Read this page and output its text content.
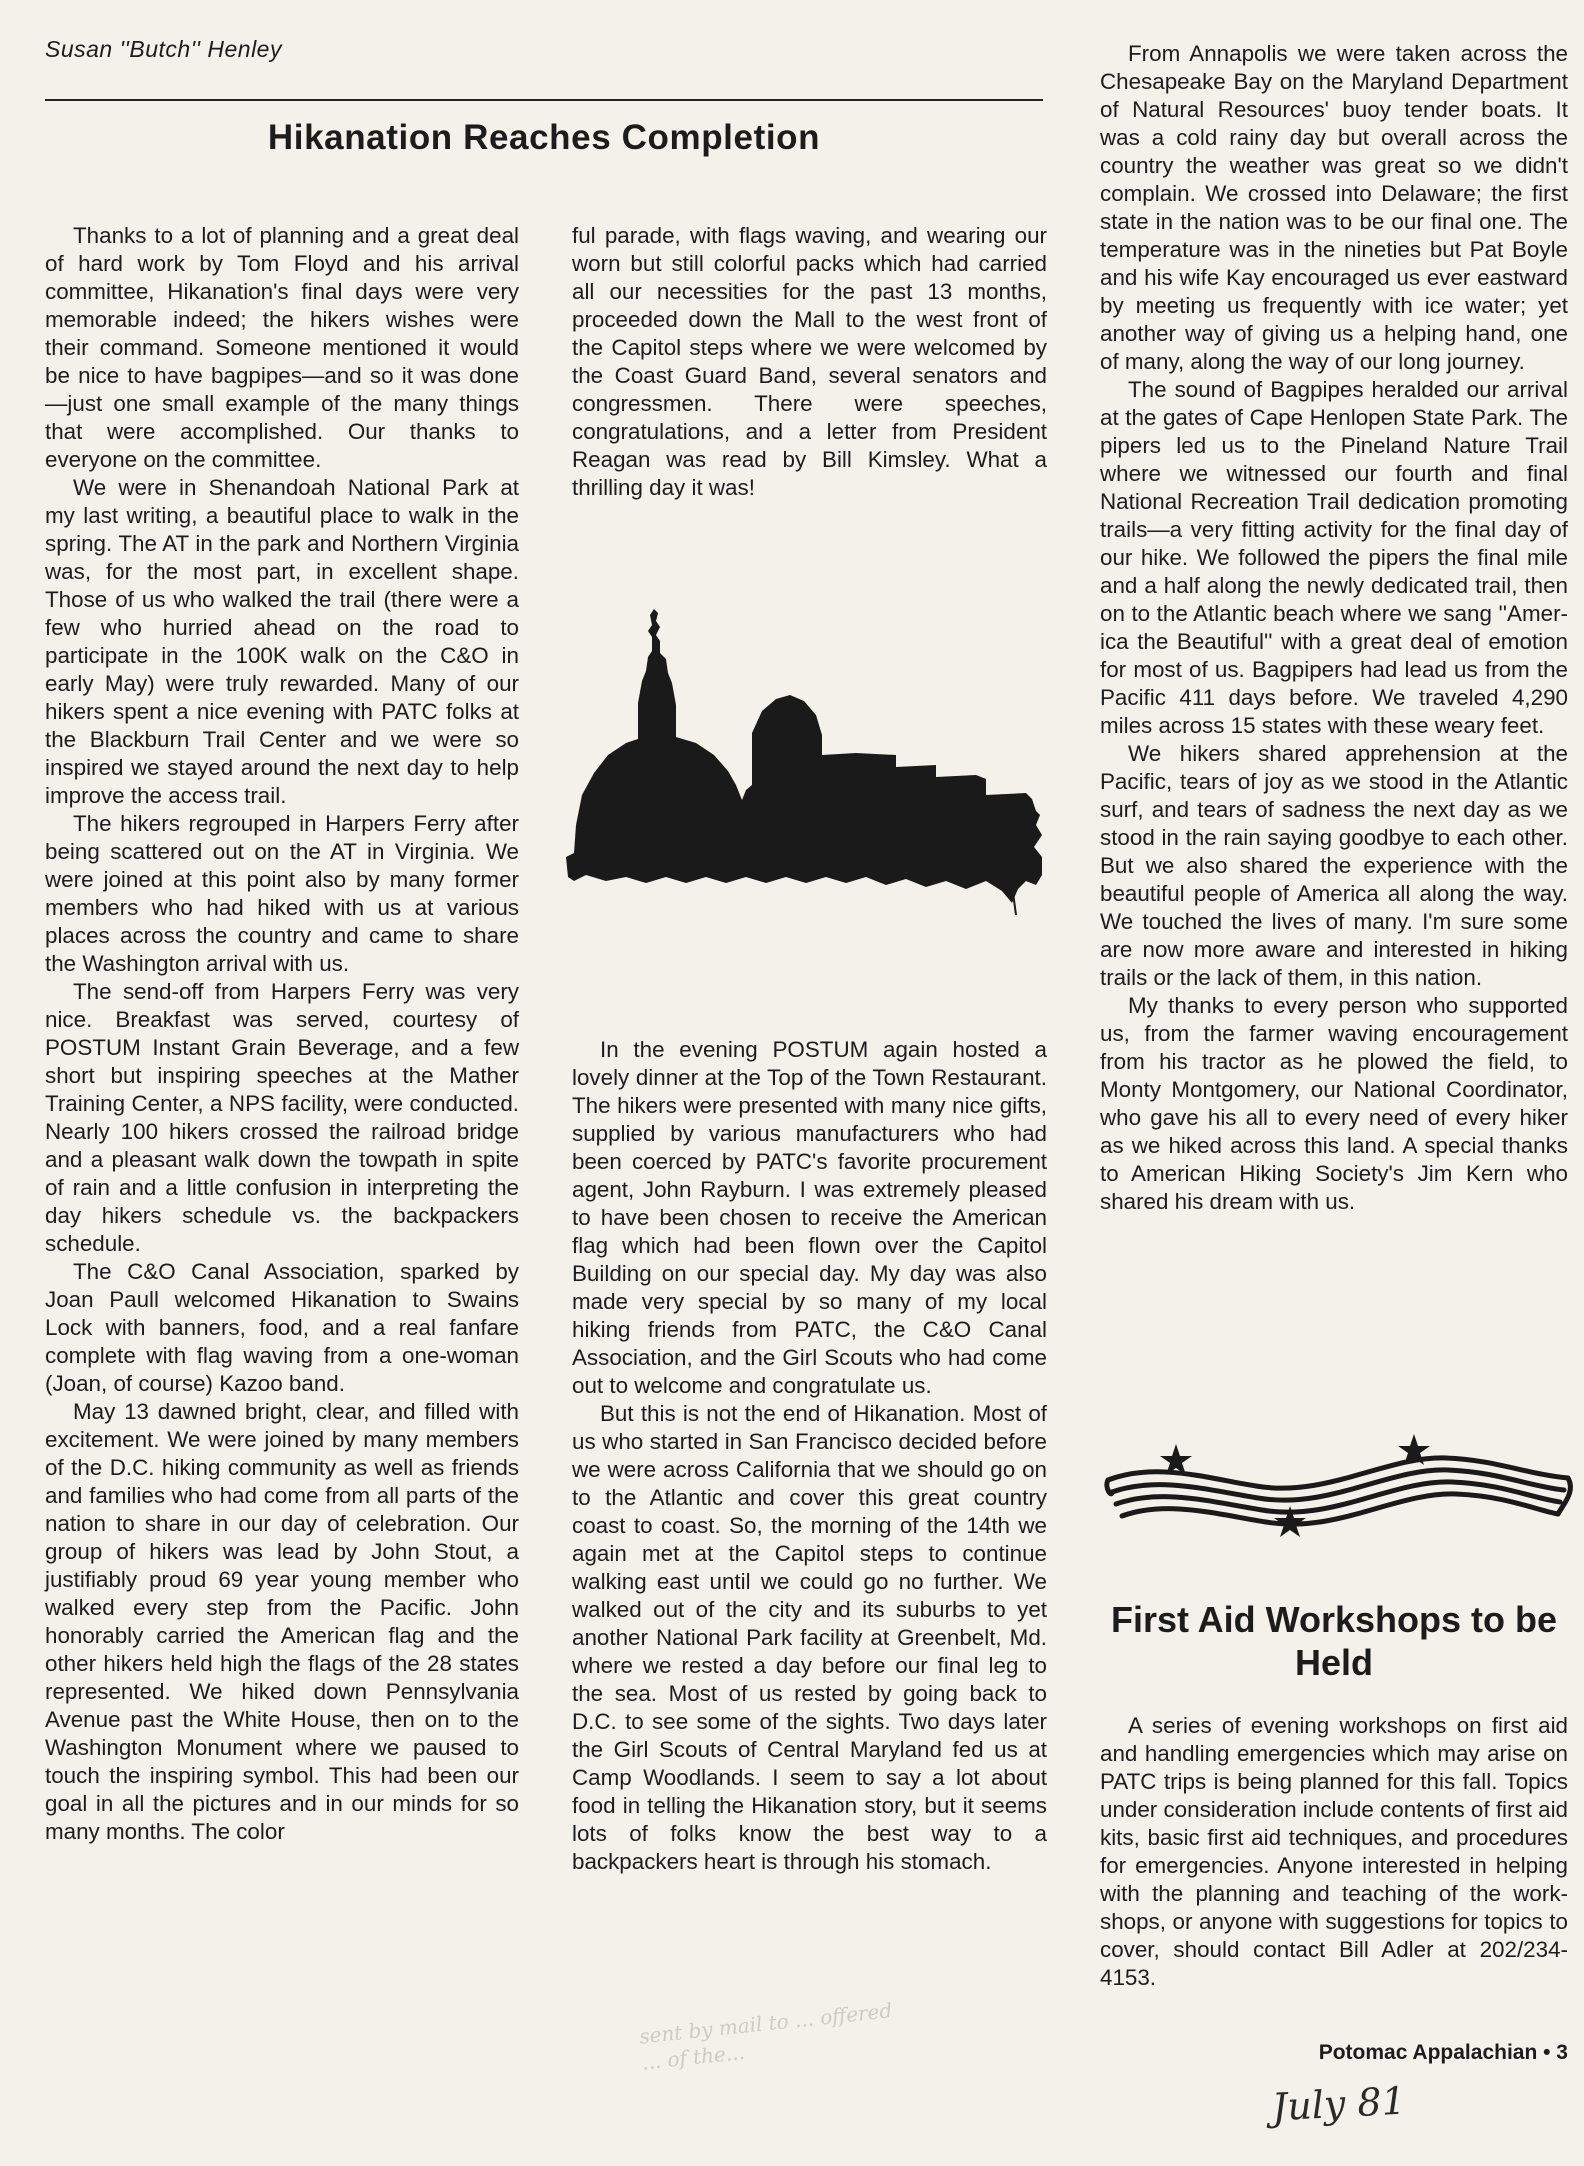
Susan ''Butch'' Henley
Hikanation Reaches Completion

Thanks to a lot of planning and a great deal of hard work by Tom Floyd and his arrival committee, Hikanation's final days were very memorable indeed; the hikers wishes were their command. Someone mentioned it would be nice to have bagpipes—and so it was done—just one small example of the many things that were accomplished. Our thanks to everyone on the committee.

We were in Shenandoah National Park at my last writing, a beautiful place to walk in the spring. The AT in the park and Northern Virginia was, for the most part, in excellent shape. Those of us who walked the trail (there were a few who hurried ahead on the road to participate in the 100K walk on the C&O in early May) were truly rewarded. Many of our hikers spent a nice evening with PATC folks at the Blackburn Trail Center and we were so inspired we stayed around the next day to help improve the access trail.

The hikers regrouped in Harpers Ferry after being scattered out on the AT in Virginia. We were joined at this point also by many former members who had hiked with us at various places across the country and came to share the Washington arrival with us.

The send-off from Harpers Ferry was very nice. Breakfast was served, courtesy of POSTUM Instant Grain Beverage, and a few short but inspiring speeches at the Mather Training Center, a NPS facility, were conducted. Nearly 100 hikers crossed the railroad bridge and a pleasant walk down the towpath in spite of rain and a little confusion in interpreting the day hikers schedule vs. the backpackers schedule.

The C&O Canal Association, sparked by Joan Paull welcomed Hikanation to Swains Lock with banners, food, and a real fanfare complete with flag waving from a one-woman (Joan, of course) Kazoo band.

May 13 dawned bright, clear, and filled with excitement. We were joined by many members of the D.C. hiking community as well as friends and families who had come from all parts of the nation to share in our day of celebration. Our group of hikers was lead by John Stout, a justifiably proud 69 year young member who walked every step from the Pacific. John honorably carried the American flag and the other hikers held high the flags of the 28 states represented. We hiked down Pennsylvania Avenue past the White House, then on to the Washington Monument where we paused to touch the inspiring symbol. This had been our goal in all the pictures and in our minds for so many months. The color

ful parade, with flags waving, and wearing our worn but still colorful packs which had carried all our necessities for the past 13 months, proceeded down the Mall to the west front of the Capitol steps where we were welcomed by the Coast Guard Band, several senators and congressmen. There were speeches, congratulations, and a letter from President Reagan was read by Bill Kimsley. What a thrilling day it was!

In the evening POSTUM again hosted a lovely dinner at the Top of the Town Restaurant. The hikers were presented with many nice gifts, supplied by various manufacturers who had been coerced by PATC's favorite procurement agent, John Rayburn. I was extremely pleased to have been chosen to receive the American flag which had been flown over the Capitol Building on our special day. My day was also made very special by so many of my local hiking friends from PATC, the C&O Canal Association, and the Girl Scouts who had come out to welcome and congratulate us.

But this is not the end of Hikanation. Most of us who started in San Francisco decided before we were across California that we should go on to the Atlantic and cover this great country coast to coast. So, the morning of the 14th we again met at the Capitol steps to continue walking east until we could go no further. We walked out of the city and its suburbs to yet another National Park facility at Greenbelt, Md. where we rested a day before our final leg to the sea. Most of us rested by going back to D.C. to see some of the sights. Two days later the Girl Scouts of Central Maryland fed us at Camp Woodlands. I seem to say a lot about food in telling the Hikanation story, but it seems lots of folks know the best way to a backpackers heart is through his stomach.

From Annapolis we were taken across the Chesapeake Bay on the Maryland Department of Natural Resources' buoy tender boats. It was a cold rainy day but overall across the country the weather was great so we didn't complain. We crossed into Delaware; the first state in the nation was to be our final one. The temperature was in the nineties but Pat Boyle and his wife Kay encouraged us ever eastward by meeting us frequently with ice water; yet another way of giving us a helping hand, one of many, along the way of our long journey.

The sound of Bagpipes heralded our arrival at the gates of Cape Henlopen State Park. The pipers led us to the Pineland Nature Trail where we witnessed our fourth and final National Recreation Trail dedication promoting trails—a very fitting activity for the final day of our hike. We followed the pipers the final mile and a half along the newly dedicated trail, then on to the Atlantic beach where we sang ''America the Beautiful'' with a great deal of emotion for most of us. Bagpipers had lead us from the Pacific 411 days before. We traveled 4,290 miles across 15 states with these weary feet.

We hikers shared apprehension at the Pacific, tears of joy as we stood in the Atlantic surf, and tears of sadness the next day as we stood in the rain saying goodbye to each other. But we also shared the experience with the beautiful people of America all along the way. We touched the lives of many. I'm sure some are now more aware and interested in hiking trails or the lack of them, in this nation.

My thanks to every person who supported us, from the farmer waving encouragement from his tractor as he plowed the field, to Monty Montgomery, our National Coordinator, who gave his all to every need of every hiker as we hiked across this land. A special thanks to American Hiking Society's Jim Kern who shared his dream with us.

First Aid Workshops to be Held

A series of evening workshops on first aid and handling emergencies which may arise on PATC trips is being planned for this fall. Topics under consideration include contents of first aid kits, basic first aid techniques, and procedures for emergencies. Anyone interested in helping with the planning and teaching of the workshops, or anyone with suggestions for topics to cover, should contact Bill Adler at 202/234-4153.

sent by mail to ... offered ... of the...	Potomac Appalachian • 3
July 81
